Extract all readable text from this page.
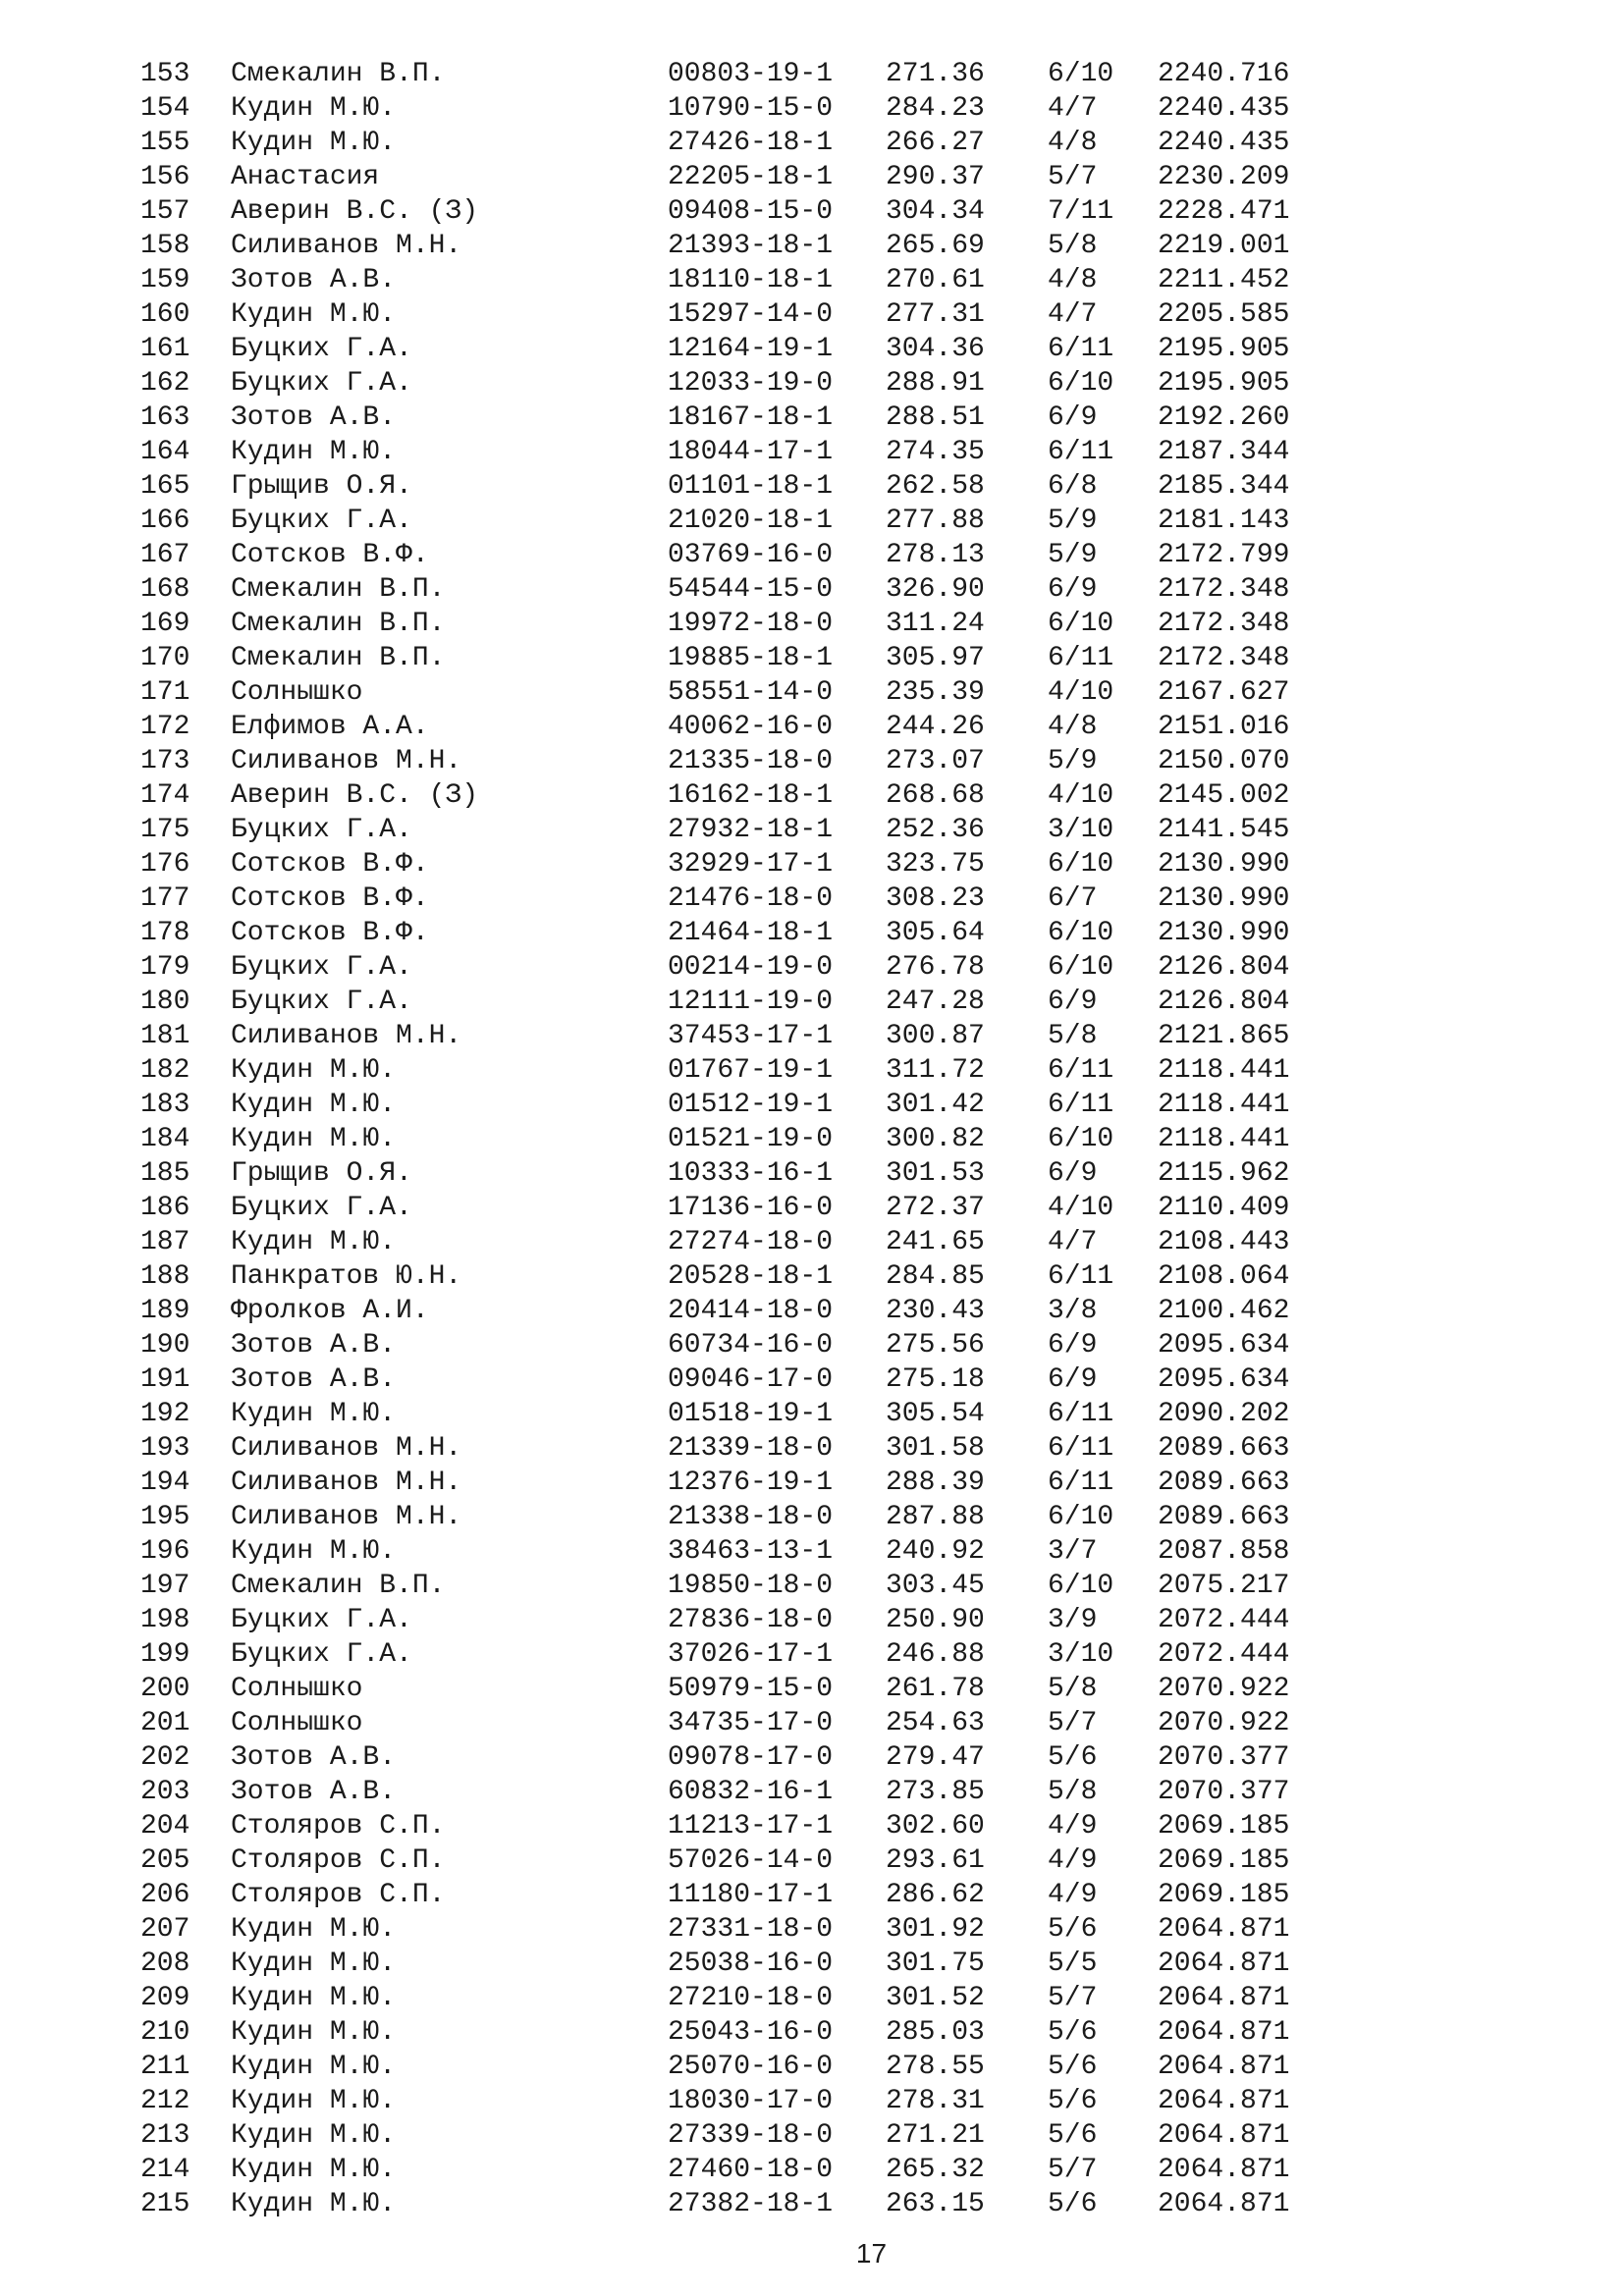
153 Смекалин В.П.	00803-19-1 271.36 6/10 2240.716
154 Кудин М.Ю.	10790-15-0 284.23 4/7 2240.435
155 Кудин М.Ю.	27426-18-1 266.27 4/8 2240.435
156 Анастасия	22205-18-1 290.37 5/7 2230.209
157 Аверин В.С. (З)	09408-15-0 304.34 7/11 2228.471
158 Силиванов М.Н.	21393-18-1 265.69 5/8 2219.001
159 Зотов А.В.	18110-18-1 270.61 4/8 2211.452
160 Кудин М.Ю.	15297-14-0 277.31 4/7 2205.585
161 Буцких Г.А.	12164-19-1 304.36 6/11 2195.905
162 Буцких Г.А.	12033-19-0 288.91 6/10 2195.905
163 Зотов А.В.	18167-18-1 288.51 6/9 2192.260
164 Кудин М.Ю.	18044-17-1 274.35 6/11 2187.344
165 Грыщив О.Я.	01101-18-1 262.58 6/8 2185.344
166 Буцких Г.А.	21020-18-1 277.88 5/9 2181.143
167 Сотсков В.Ф.	03769-16-0 278.13 5/9 2172.799
168 Смекалин В.П.	54544-15-0 326.90 6/9 2172.348
169 Смекалин В.П.	19972-18-0 311.24 6/10 2172.348
170 Смекалин В.П.	19885-18-1 305.97 6/11 2172.348
171 Солнышко	58551-14-0 235.39 4/10 2167.627
172 Елфимов А.А.	40062-16-0 244.26 4/8 2151.016
173 Силиванов М.Н.	21335-18-0 273.07 5/9 2150.070
174 Аверин В.С. (З)	16162-18-1 268.68 4/10 2145.002
175 Буцких Г.А.	27932-18-1 252.36 3/10 2141.545
176 Сотсков В.Ф.	32929-17-1 323.75 6/10 2130.990
177 Сотсков В.Ф.	21476-18-0 308.23 6/7 2130.990
178 Сотсков В.Ф.	21464-18-1 305.64 6/10 2130.990
179 Буцких Г.А.	00214-19-0 276.78 6/10 2126.804
180 Буцких Г.А.	12111-19-0 247.28 6/9 2126.804
181 Силиванов М.Н.	37453-17-1 300.87 5/8 2121.865
182 Кудин М.Ю.	01767-19-1 311.72 6/11 2118.441
183 Кудин М.Ю.	01512-19-1 301.42 6/11 2118.441
184 Кудин М.Ю.	01521-19-0 300.82 6/10 2118.441
185 Грыщив О.Я.	10333-16-1 301.53 6/9 2115.962
186 Буцких Г.А.	17136-16-0 272.37 4/10 2110.409
187 Кудин М.Ю.	27274-18-0 241.65 4/7 2108.443
188 Панкратов Ю.Н.	20528-18-1 284.85 6/11 2108.064
189 Фролков А.И.	20414-18-0 230.43 3/8 2100.462
190 Зотов А.В.	60734-16-0 275.56 6/9 2095.634
191 Зотов А.В.	09046-17-0 275.18 6/9 2095.634
192 Кудин М.Ю.	01518-19-1 305.54 6/11 2090.202
193 Силиванов М.Н.	21339-18-0 301.58 6/11 2089.663
194 Силиванов М.Н.	12376-19-1 288.39 6/11 2089.663
195 Силиванов М.Н.	21338-18-0 287.88 6/10 2089.663
196 Кудин М.Ю.	38463-13-1 240.92 3/7 2087.858
197 Смекалин В.П.	19850-18-0 303.45 6/10 2075.217
198 Буцких Г.А.	27836-18-0 250.90 3/9 2072.444
199 Буцких Г.А.	37026-17-1 246.88 3/10 2072.444
200 Солнышко	50979-15-0 261.78 5/8 2070.922
201 Солнышко	34735-17-0 254.63 5/7 2070.922
202 Зотов А.В.	09078-17-0 279.47 5/6 2070.377
203 Зотов А.В.	60832-16-1 273.85 5/8 2070.377
204 Столяров С.П.	11213-17-1 302.60 4/9 2069.185
205 Столяров С.П.	57026-14-0 293.61 4/9 2069.185
206 Столяров С.П.	11180-17-1 286.62 4/9 2069.185
207 Кудин М.Ю.	27331-18-0 301.92 5/6 2064.871
208 Кудин М.Ю.	25038-16-0 301.75 5/5 2064.871
209 Кудин М.Ю.	27210-18-0 301.52 5/7 2064.871
210 Кудин М.Ю.	25043-16-0 285.03 5/6 2064.871
211 Кудин М.Ю.	25070-16-0 278.55 5/6 2064.871
212 Кудин М.Ю.	18030-17-0 278.31 5/6 2064.871
213 Кудин М.Ю.	27339-18-0 271.21 5/6 2064.871
214 Кудин М.Ю.	27460-18-0 265.32 5/7 2064.871
215 Кудин М.Ю.	27382-18-1 263.15 5/6 2064.871
17
